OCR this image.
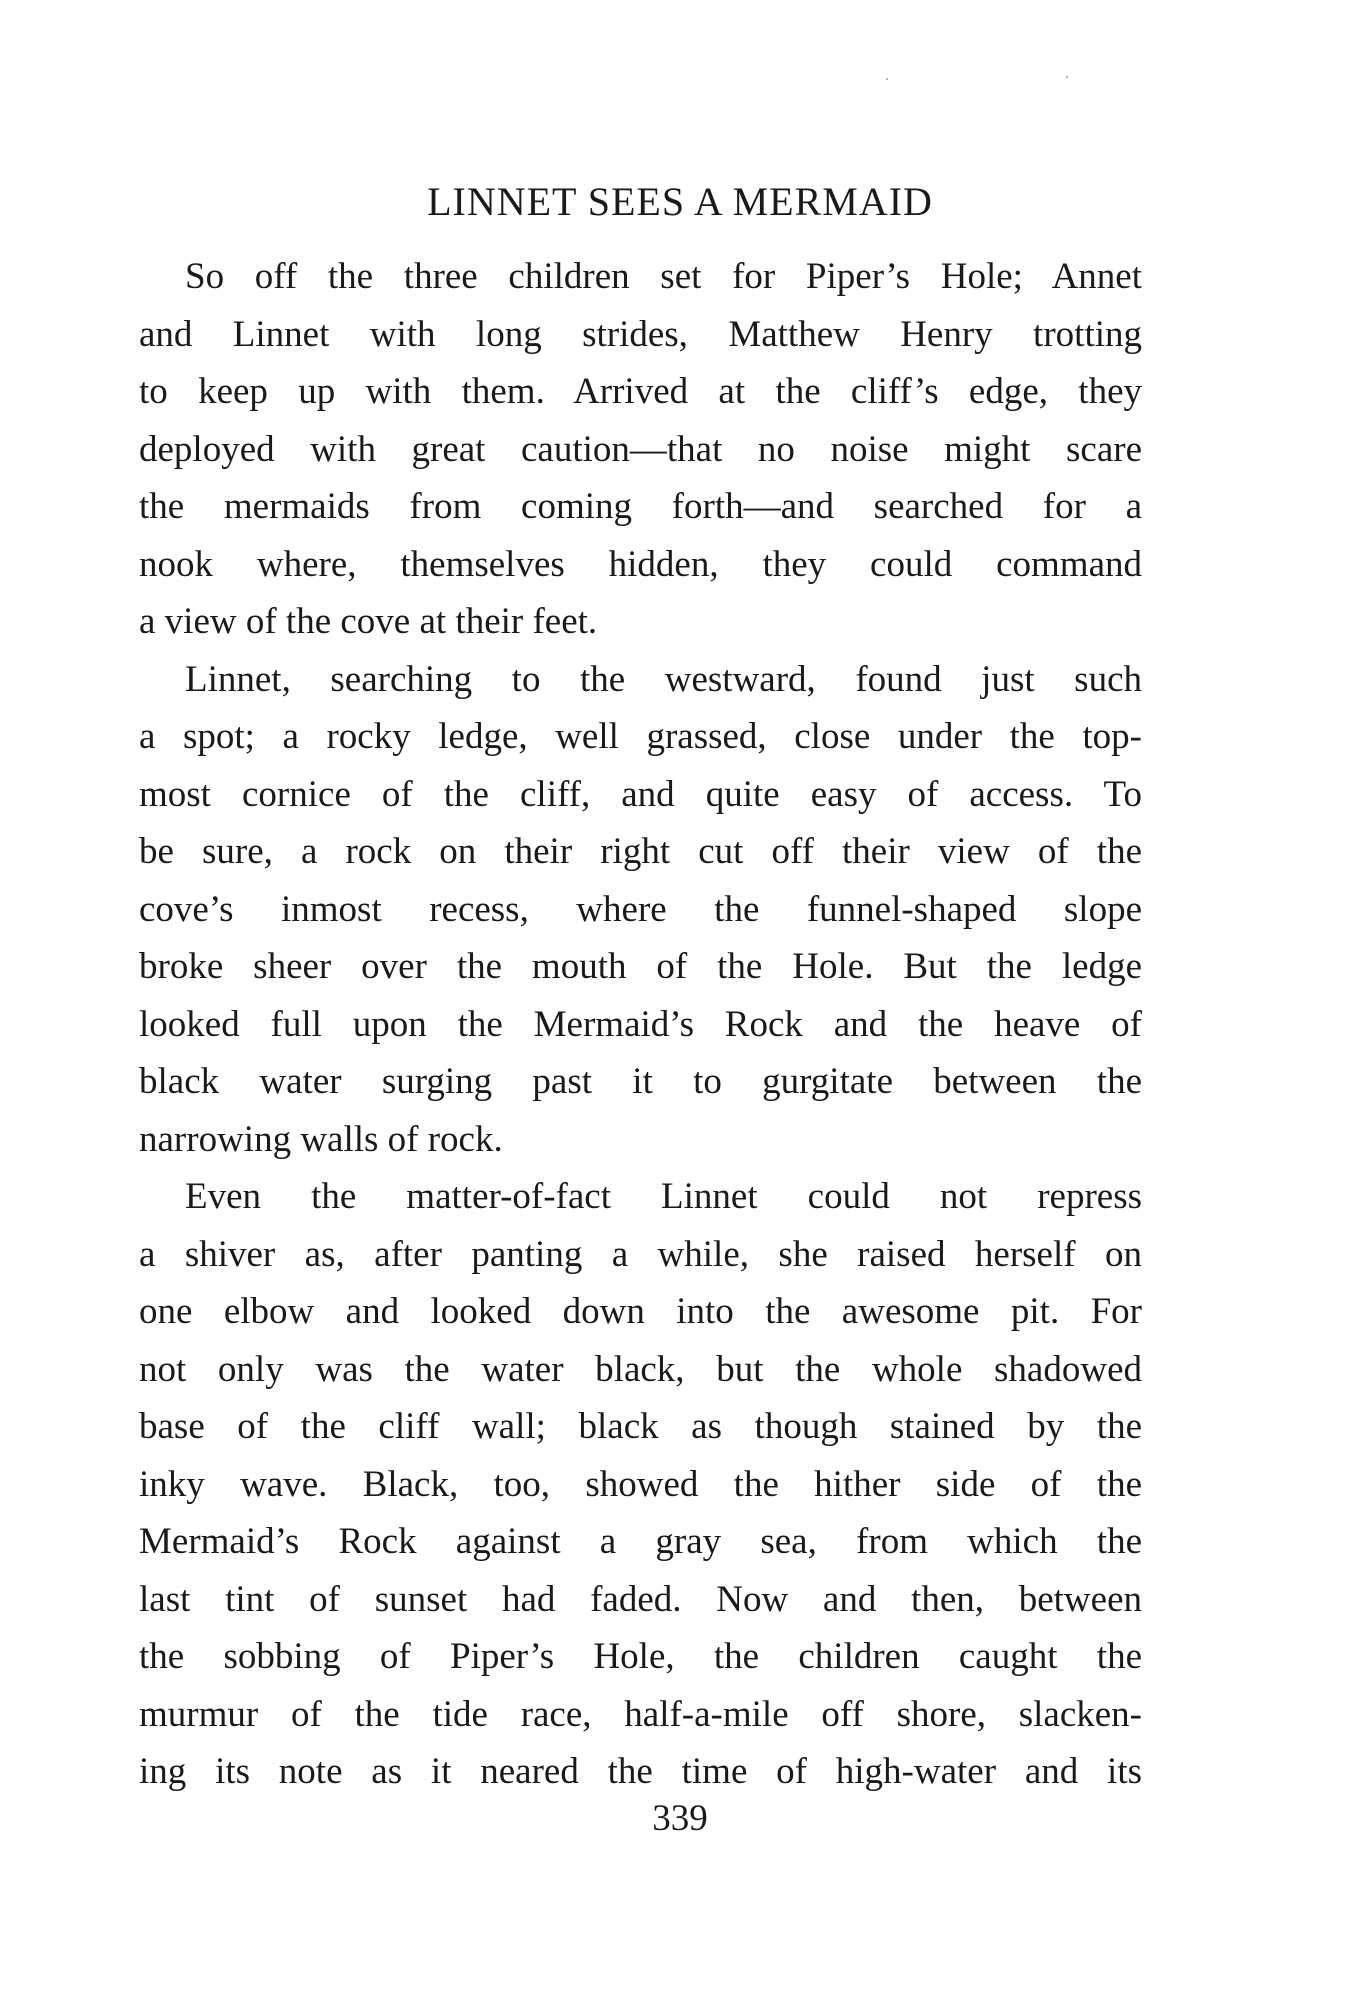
LINNET SEES A MERMAID
So off the three children set for Piper’s Hole; Annet
and Linnet with long strides, Matthew Henry trotting
to keep up with them. Arrived at the cliff’s edge, they
deployed with great caution—that no noise might scare
the mermaids from coming forth—and searched for a
nook where, themselves hidden, they could command
a view of the cove at their feet.
Linnet, searching to the westward, found just such
a spot; a rocky ledge, well grassed, close under the top-
most cornice of the cliff, and quite easy of access. To
be sure, a rock on their right cut off their view of the
cove’s inmost recess, where the funnel-shaped slope
broke sheer over the mouth of the Hole. But the ledge
looked full upon the Mermaid’s Rock and the heave of
black water surging past it to gurgitate between the
narrowing walls of rock.
Even the matter-of-fact Linnet could not repress
a shiver as, after panting a while, she raised herself on
one elbow and looked down into the awesome pit. For
not only was the water black, but the whole shadowed
base of the cliff wall; black as though stained by the
inky wave. Black, too, showed the hither side of the
Mermaid’s Rock against a gray sea, from which the
last tint of sunset had faded. Now and then, between
the sobbing of Piper’s Hole, the children caught the
murmur of the tide race, half-a-mile off shore, slacken-
ing its note as it neared the time of high-water and its
339
